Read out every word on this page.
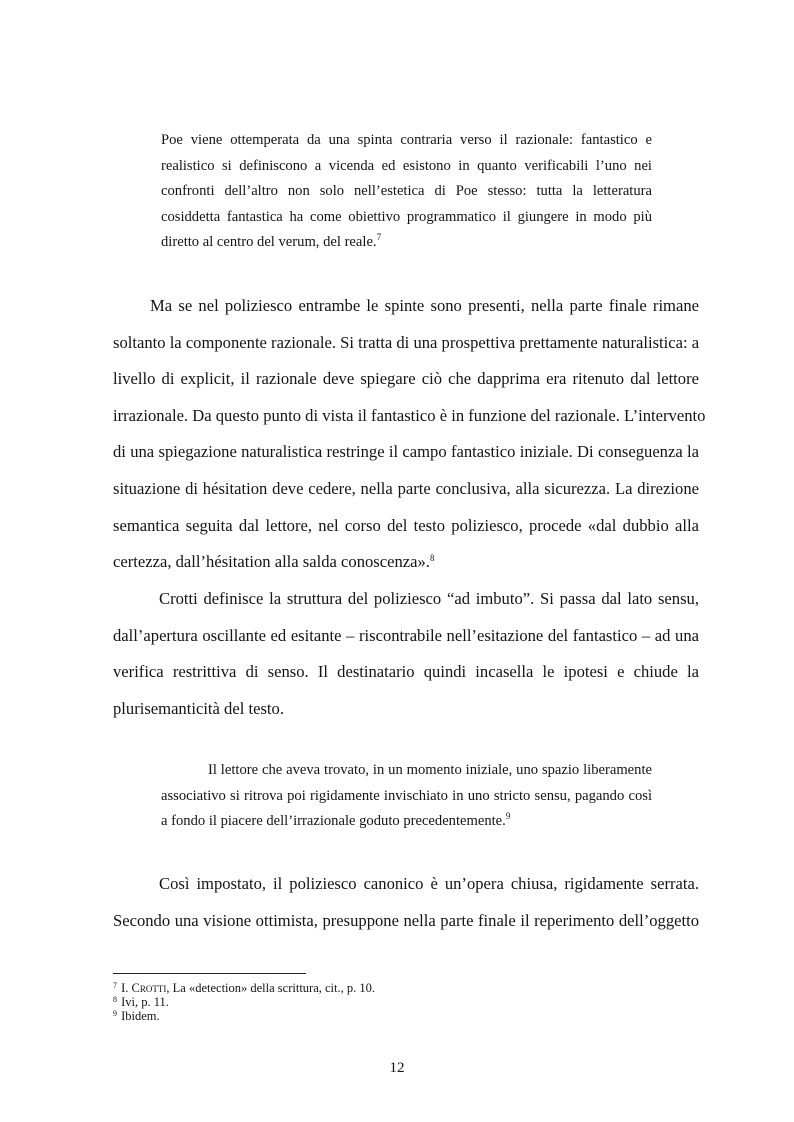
Poe viene ottemperata da una spinta contraria verso il razionale: fantastico e
realistico si definiscono a vicenda ed esistono in quanto verificabili l’uno nei
confronti dell’altro non solo nell’estetica di Poe stesso: tutta la letteratura
cosiddetta fantastica ha come obiettivo programmatico il giungere in modo più
diretto al centro del verum, del reale.$^7$
Ma se nel poliziesco entrambe le spinte sono presenti, nella parte finale rimane
soltanto la componente razionale. Si tratta di una prospettiva prettamente naturalistica: a
livello di explicit, il razionale deve spiegare ciò che dapprima era ritenuto dal lettore
irrazionale. Da questo punto di vista il fantastico è in funzione del razionale. L’intervento
di una spiegazione naturalistica restringe il campo fantastico iniziale. Di conseguenza la
situazione di hésitation deve cedere, nella parte conclusiva, alla sicurezza. La direzione
semantica seguita dal lettore, nel corso del testo poliziesco, procede «dal dubbio alla
certezza, dall’hésitation alla salda conoscenza».$^8$
Crotti definisce la struttura del poliziesco “ad imbuto”. Si passa dal lato sensu,
dall’apertura oscillante ed esitante – riscontrabile nell’esitazione del fantastico – ad una
verifica restrittiva di senso. Il destinatario quindi incasella le ipotesi e chiude la
plurisemanticità del testo.
Il lettore che aveva trovato, in un momento iniziale, uno spazio liberamente
associativo si ritrova poi rigidamente invischiato in uno stricto sensu, pagando così
a fondo il piacere dell’irrazionale goduto precedentemente.$^9$
Così impostato, il poliziesco canonico è un’opera chiusa, rigidamente serrata.
Secondo una visione ottimista, presuppone nella parte finale il reperimento dell’oggetto
$^7$ I. Crotti, La «detection» della scrittura, cit., p. 10.
$^8$ Ivi, p. 11.
$^9$ Ibidem.
12
